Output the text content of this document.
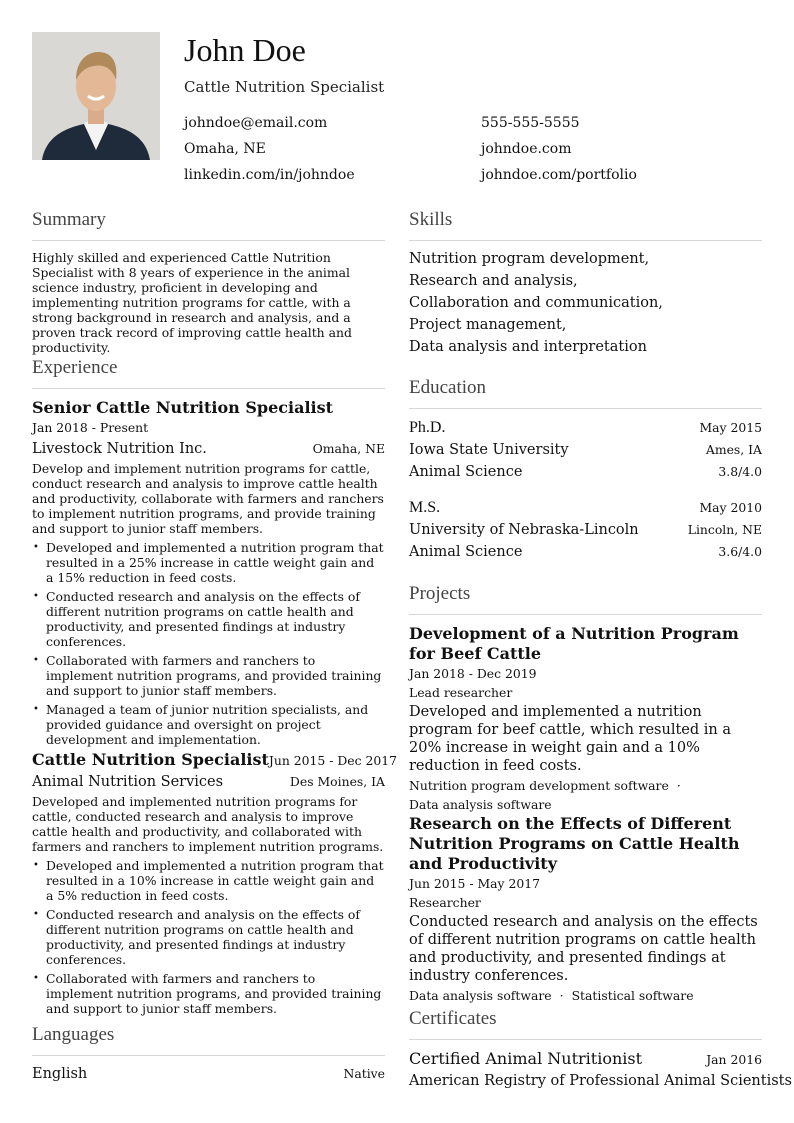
John Doe
Cattle Nutrition Specialist
johndoe@email.com	555-555-5555
Omaha, NE	johndoe.com
linkedin.com/in/johndoe	johndoe.com/portfolio
Summary
Highly skilled and experienced Cattle Nutrition Specialist with 8 years of experience in the animal science industry, proficient in developing and implementing nutrition programs for cattle, with a strong background in research and analysis, and a proven track record of improving cattle health and productivity.
Experience
Senior Cattle Nutrition Specialist
Jan 2018 - Present
Livestock Nutrition Inc.	Omaha, NE
Develop and implement nutrition programs for cattle, conduct research and analysis to improve cattle health and productivity, collaborate with farmers and ranchers to implement nutrition programs, and provide training and support to junior staff members.
• Developed and implemented a nutrition program that resulted in a 25% increase in cattle weight gain and a 15% reduction in feed costs.
• Conducted research and analysis on the effects of different nutrition programs on cattle health and productivity, and presented findings at industry conferences.
• Collaborated with farmers and ranchers to implement nutrition programs, and provided training and support to junior staff members.
• Managed a team of junior nutrition specialists, and provided guidance and oversight on project development and implementation.
Cattle Nutrition Specialist Jun 2015 - Dec 2017
Animal Nutrition Services	Des Moines, IA
Developed and implemented nutrition programs for cattle, conducted research and analysis to improve cattle health and productivity, and collaborated with farmers and ranchers to implement nutrition programs.
• Developed and implemented a nutrition program that resulted in a 10% increase in cattle weight gain and a 5% reduction in feed costs.
• Conducted research and analysis on the effects of different nutrition programs on cattle health and productivity, and presented findings at industry conferences.
• Collaborated with farmers and ranchers to implement nutrition programs, and provided training and support to junior staff members.
Languages
English	Native
Skills
Nutrition program development,
Research and analysis,
Collaboration and communication,
Project management,
Data analysis and interpretation
Education
Ph.D.	May 2015
Iowa State University	Ames, IA
Animal Science	3.8/4.0
M.S.	May 2010
University of Nebraska-Lincoln	Lincoln, NE
Animal Science	3.6/4.0
Projects
Development of a Nutrition Program for Beef Cattle
Jan 2018 - Dec 2019
Lead researcher
Developed and implemented a nutrition program for beef cattle, which resulted in a 20% increase in weight gain and a 10% reduction in feed costs.
Nutrition program development software ·
Data analysis software
Research on the Effects of Different Nutrition Programs on Cattle Health and Productivity
Jun 2015 - May 2017
Researcher
Conducted research and analysis on the effects of different nutrition programs on cattle health and productivity, and presented findings at industry conferences.
Data analysis software · Statistical software
Certificates
Certified Animal Nutritionist	Jan 2016
American Registry of Professional Animal Scientists
